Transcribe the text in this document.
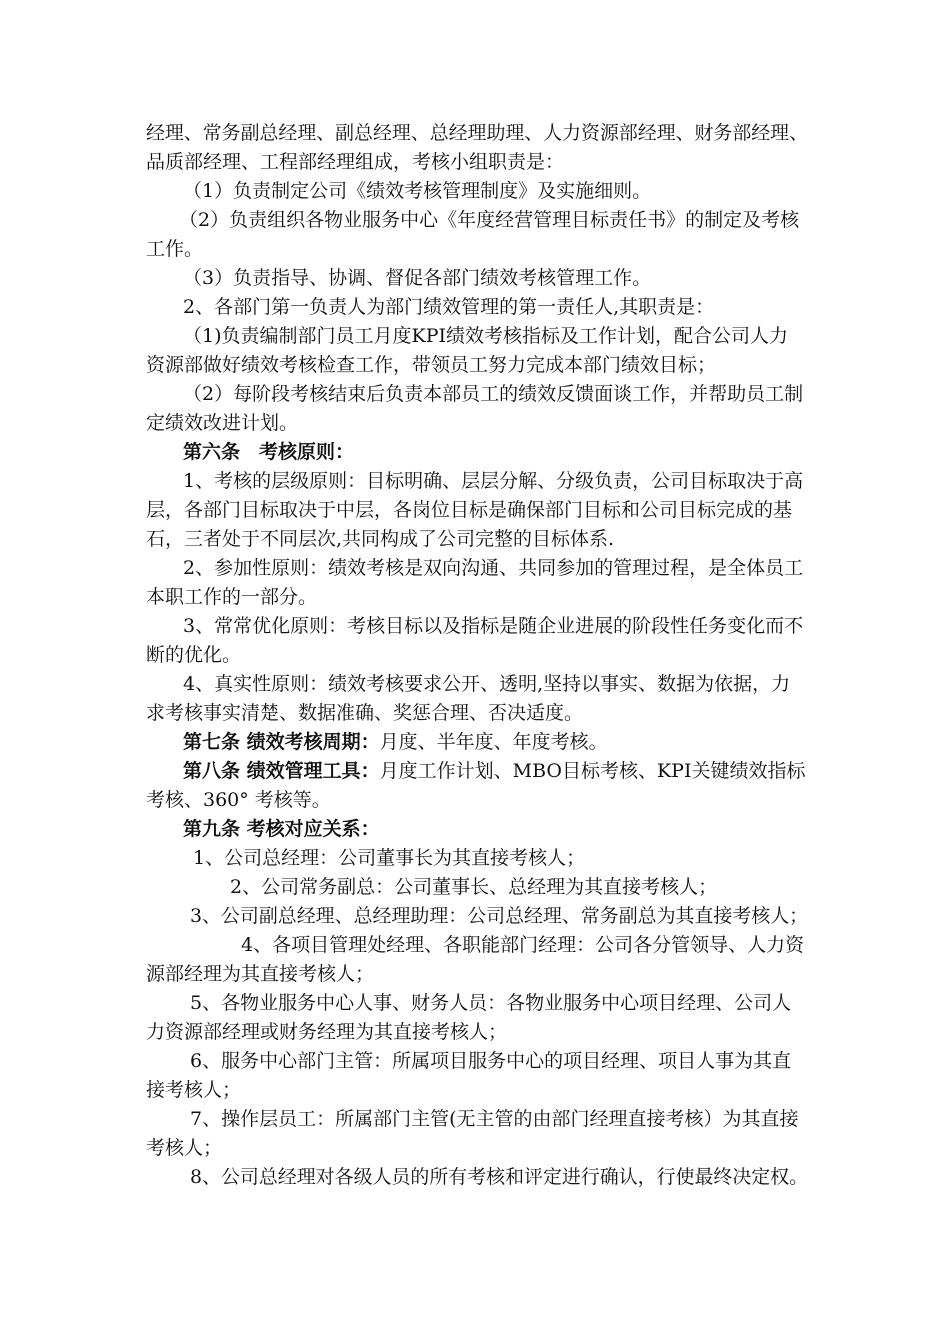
经理、常务副总经理、副总经理、总经理助理、人力资源部经理、财务部经理、
品质部经理、工程部经理组成，考核小组职责是：
（1）负责制定公司《绩效考核管理制度》及实施细则。
（2）负责组织各物业服务中心《年度经营管理目标责任书》的制定及考核
工作。
（3）负责指导、协调、督促各部门绩效考核管理工作。
2、各部门第一负责人为部门绩效管理的第一责任人,其职责是：
（1)负责编制部门员工月度KPI绩效考核指标及工作计划，配合公司人力
资源部做好绩效考核检查工作，带领员工努力完成本部门绩效目标；
（2）每阶段考核结束后负责本部员工的绩效反馈面谈工作，并帮助员工制
定绩效改进计划。
第六条　考核原则：
1、考核的层级原则：目标明确、层层分解、分级负责，公司目标取决于高
层，各部门目标取决于中层，各岗位目标是确保部门目标和公司目标完成的基
石，三者处于不同层次,共同构成了公司完整的目标体系.
2、参加性原则：绩效考核是双向沟通、共同参加的管理过程，是全体员工
本职工作的一部分。
3、常常优化原则：考核目标以及指标是随企业进展的阶段性任务变化而不
断的优化。
4、真实性原则：绩效考核要求公开、透明,坚持以事实、数据为依据，力
求考核事实清楚、数据准确、奖惩合理、否决适度。
第七条 绩效考核周期：月度、半年度、年度考核。
第八条 绩效管理工具：月度工作计划、MBO目标考核、KPI关键绩效指标
考核、360° 考核等。
第九条 考核对应关系：
1、公司总经理：公司董事长为其直接考核人；
2、公司常务副总：公司董事长、总经理为其直接考核人；
3、公司副总经理、总经理助理：公司总经理、常务副总为其直接考核人；
4、各项目管理处经理、各职能部门经理：公司各分管领导、人力资
源部经理为其直接考核人；
5、各物业服务中心人事、财务人员：各物业服务中心项目经理、公司人
力资源部经理或财务经理为其直接考核人；
6、服务中心部门主管：所属项目服务中心的项目经理、项目人事为其直
接考核人；
7、操作层员工：所属部门主管(无主管的由部门经理直接考核）为其直接
考核人；
8、公司总经理对各级人员的所有考核和评定进行确认，行使最终决定权。
